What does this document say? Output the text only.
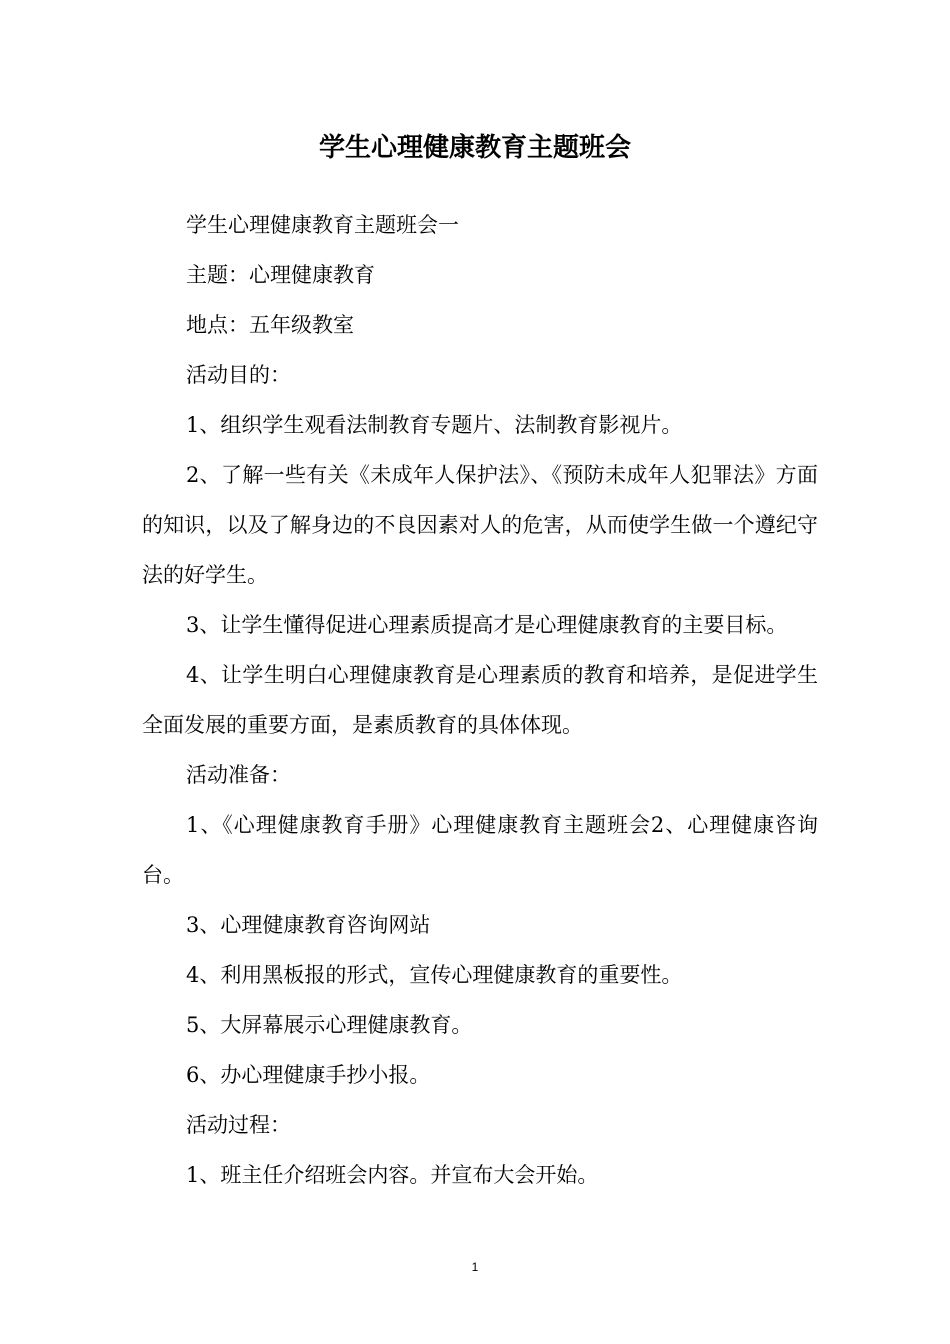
学生心理健康教育主题班会

学生心理健康教育主题班会一

主题：心理健康教育

地点：五年级教室

活动目的：

1、组织学生观看法制教育专题片、法制教育影视片。

2、了解一些有关《未成年人保护法》、《预防未成年人犯罪法》方面的知识，以及了解身边的不良因素对人的危害，从而使学生做一个遵纪守法的好学生。

3、让学生懂得促进心理素质提高才是心理健康教育的主要目标。

4、让学生明白心理健康教育是心理素质的教育和培养，是促进学生全面发展的重要方面，是素质教育的具体体现。

活动准备：

1、《心理健康教育手册》心理健康教育主题班会2、心理健康咨询台。

3、心理健康教育咨询网站

4、利用黑板报的形式，宣传心理健康教育的重要性。

5、大屏幕展示心理健康教育。

6、办心理健康手抄小报。

活动过程：

1、班主任介绍班会内容。并宣布大会开始。

1
